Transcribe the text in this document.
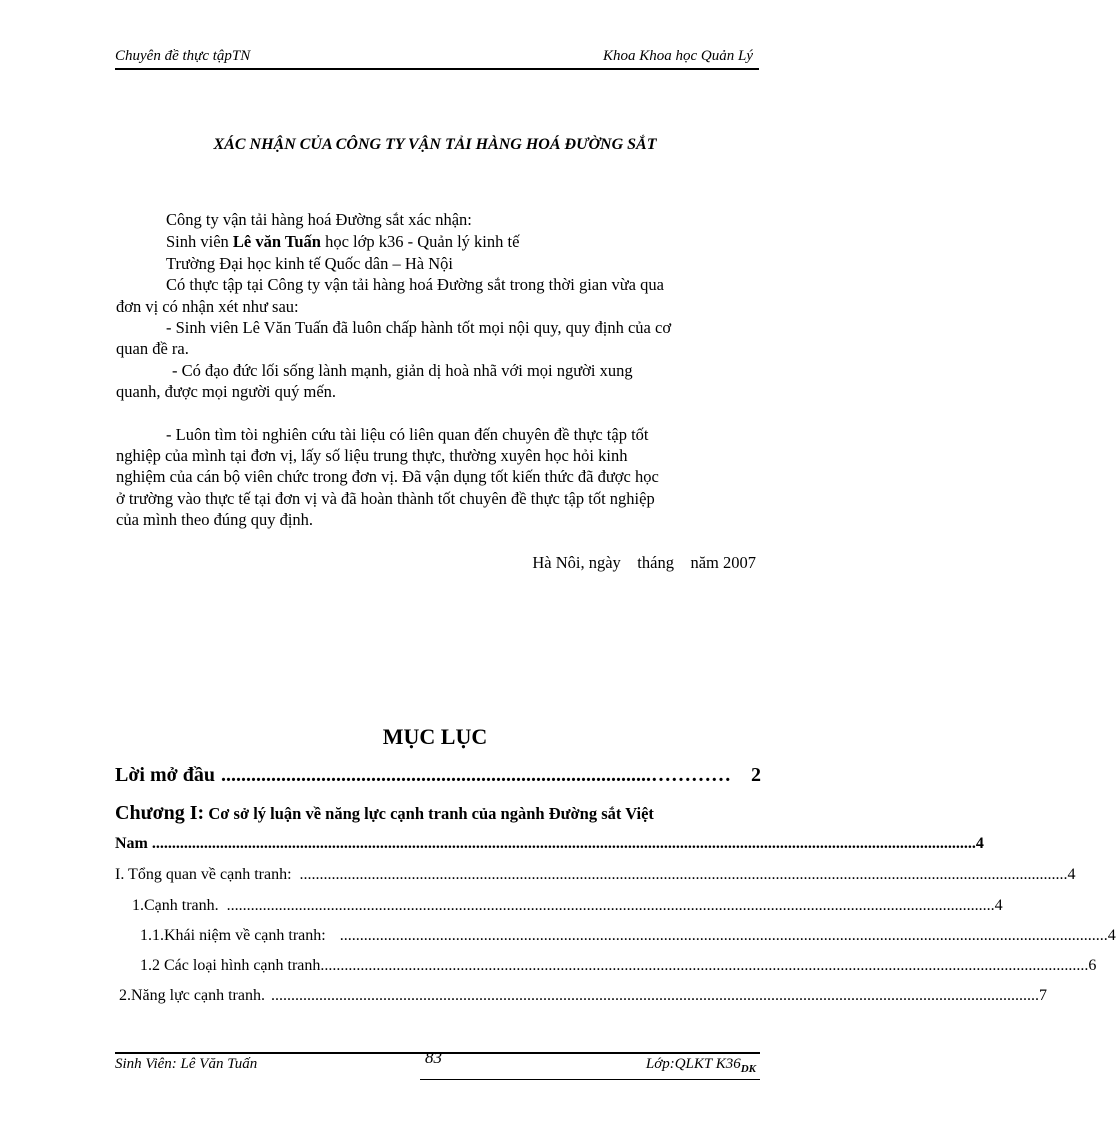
Chuyên đề thực tậpTN	Khoa Khoa học Quản Lý
XÁC NHẬN CỦA CÔNG TY VẬN TẢI HÀNG HOÁ ĐƯỜNG SẮT
Công ty vận tải hàng hoá Đường sắt xác nhận:
Sinh viên Lê văn Tuấn học lớp k36 - Quản lý kinh tế
Trường Đại học kinh tế Quốc dân – Hà Nội
Có thực tập tại Công ty vận tải hàng hoá Đường sắt trong thời gian vừa qua
đơn vị có nhận xét như sau:
- Sinh viên Lê Văn Tuấn đã luôn chấp hành tốt mọi nội quy, quy định của cơ
quan đề ra.
- Có đạo đức lối sống lành mạnh, giản dị hoà nhã với mọi người xung
quanh, được mọi người quý mến.
- Luôn tìm tòi nghiên cứu tài liệu có liên quan đến chuyên đề thực tập tốt
nghiệp của mình tại đơn vị, lấy số liệu trung thực, thường xuyên học hỏi kinh
nghiệm của cán bộ viên chức trong đơn vị. Đã vận dụng tốt kiến thức đã được học
ở trường vào thực tế tại đơn vị và đã hoàn thành tốt chuyên đề thực tập tốt nghiệp
của mình theo đúng quy định.
Hà Nôi, ngày    tháng    năm 2007
MỤC LỤC
Lời mở đầu ......................................................................................…………	2
Chương I: Cơ sở lý luận về năng lực cạnh tranh của ngành Đường sắt Việt
Nam .............................................................................................................................................................................................................. 4
I. Tổng quan về cạnh tranh: ................................................................................................................................................................................................ 4
1.Cạnh tranh. ................................................................................................................................................................................................ 4
1.1.Khái niệm về cạnh tranh: ................................................................................................................................................................................................ 4
1.2 Các loại hình cạnh tranh ................................................................................................................................................................................................ 6
2.Năng lực cạnh tranh. ................................................................................................................................................................................................ 7
Sinh Viên: Lê Văn Tuấn	83	Lớp:QLKT $K36_{DK}$
